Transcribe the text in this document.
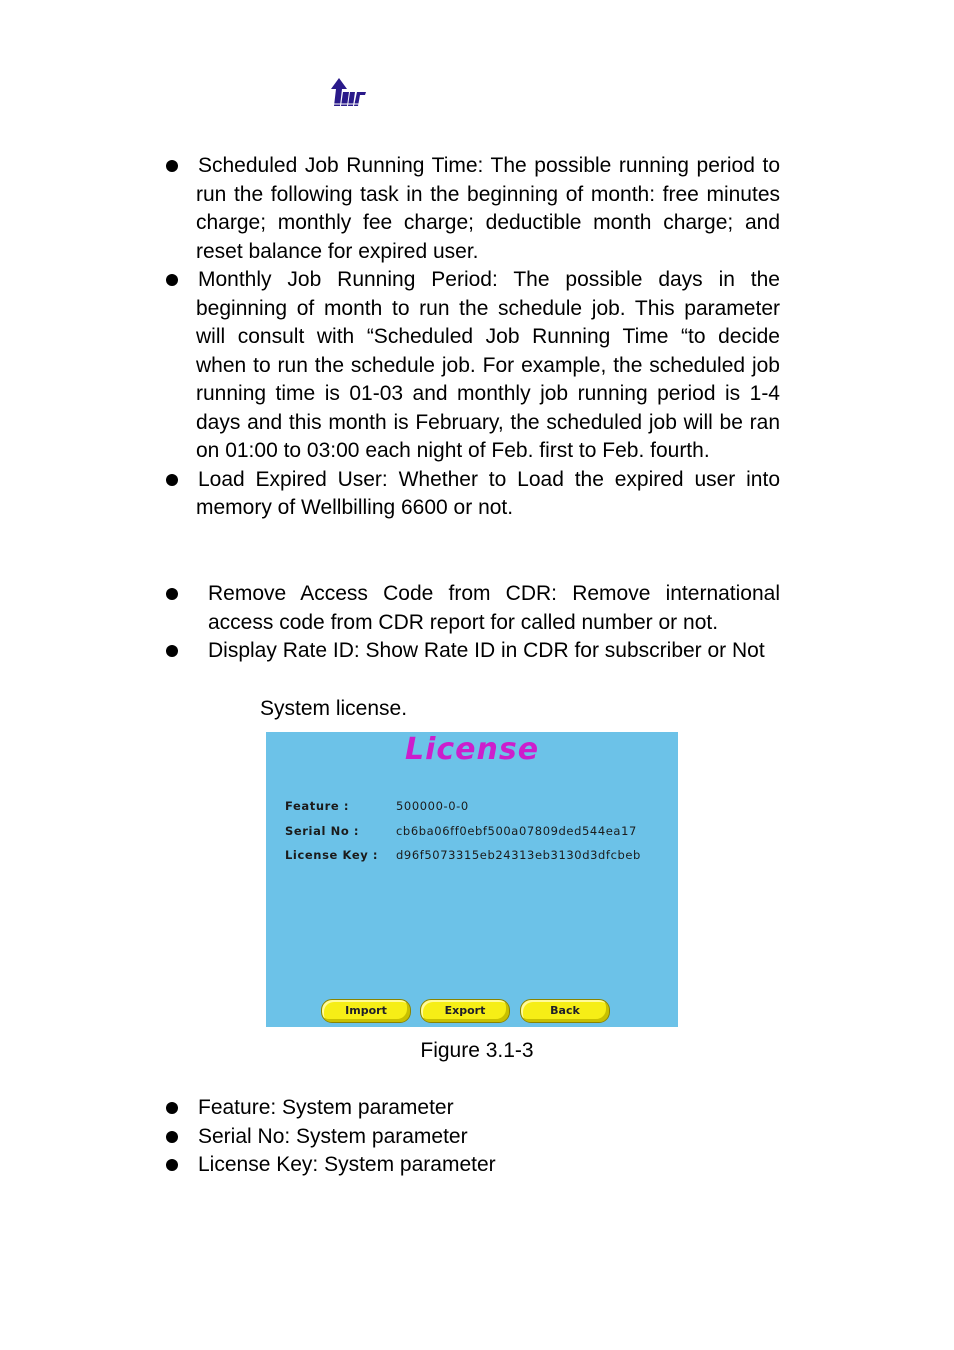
Scheduled Job Running Time: The possible running period to run the following task in the beginning of month: free minutes charge; monthly fee charge; deductible month charge; and reset balance for expired user.
Monthly Job Running Period: The possible days in the beginning of month to run the schedule job. This parameter will consult with “Scheduled Job Running Time “to decide when to run the schedule job. For example, the scheduled job running time is 01-03 and monthly job running period is 1-4 days and this month is February, the scheduled job will be ran on 01:00 to 03:00 each night of Feb. first to Feb. fourth.
Load Expired User: Whether to Load the expired user into memory of Wellbilling 6600 or not.
Remove Access Code from CDR: Remove international access code from CDR report for called number or not.
Display Rate ID: Show Rate ID in CDR for subscriber or Not
System license.
License
Feature :	500000-0-0
Serial No :	cb6ba06ff0ebf500a07809ded544ea17
License Key :	d96f5073315eb24313eb3130d3dfcbeb
Import	Export	Back
Figure 3.1-3
Feature: System parameter
Serial No: System parameter
License Key: System parameter
